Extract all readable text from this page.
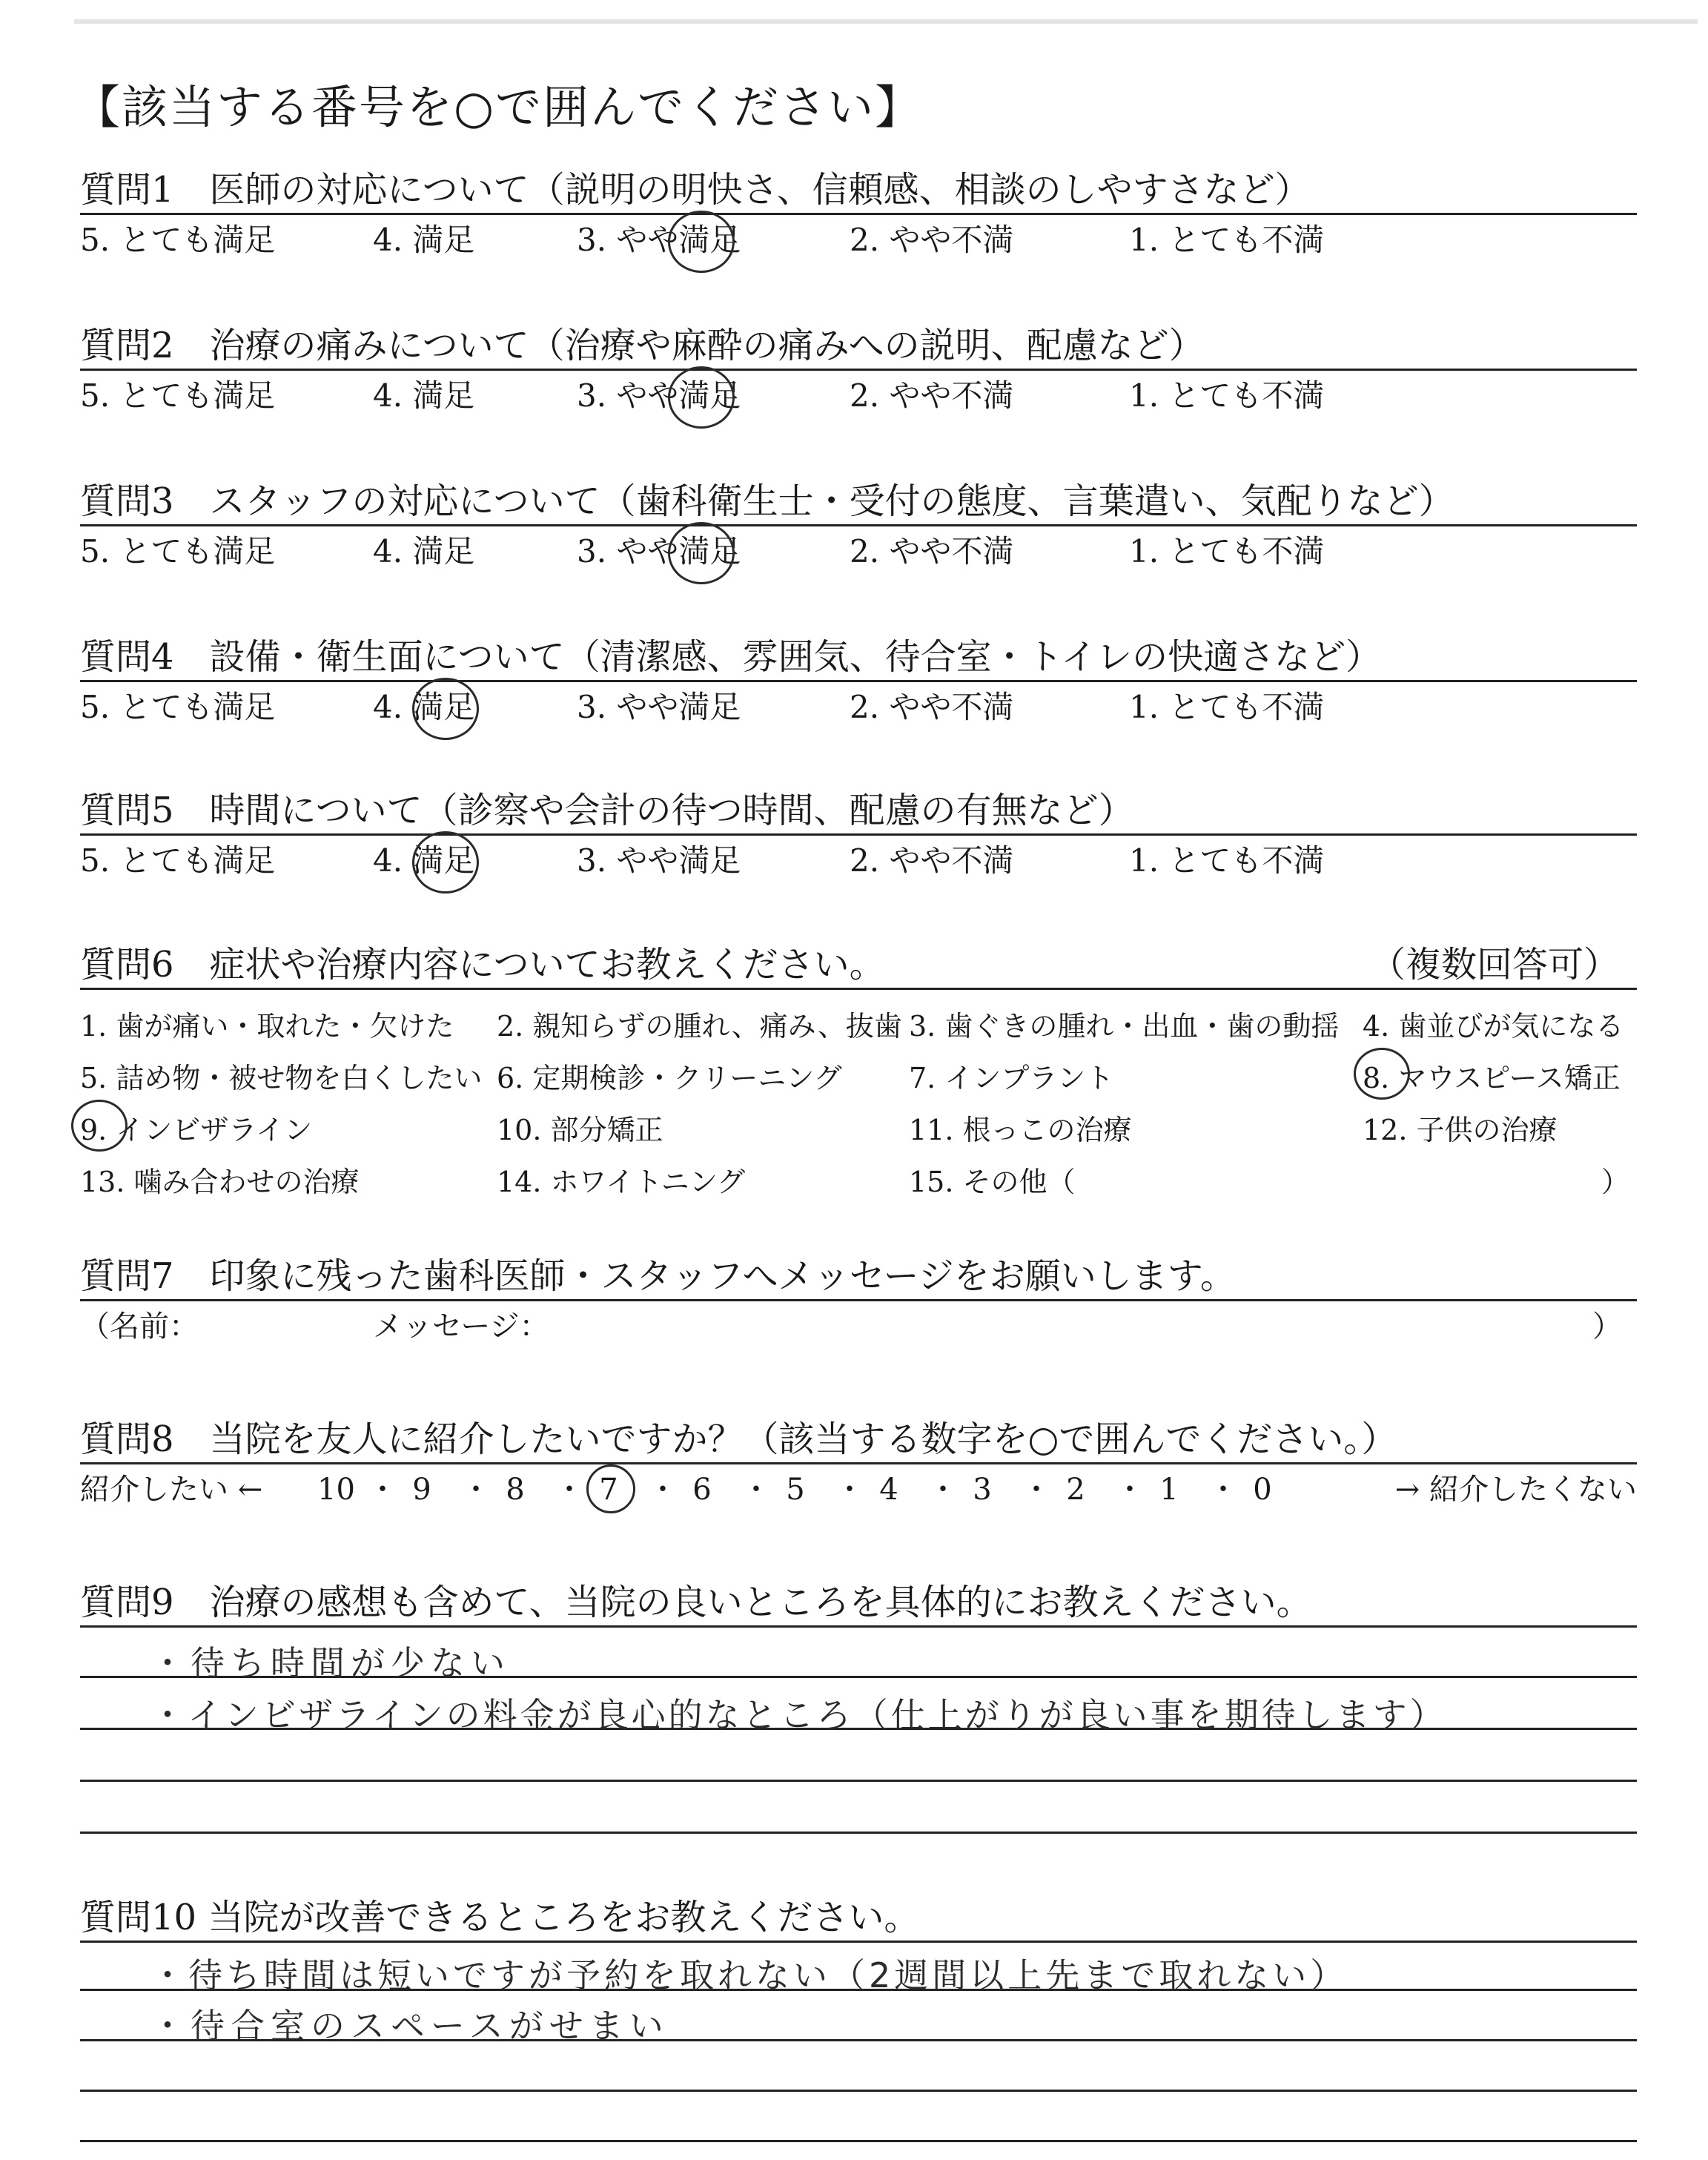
【該当する番号を○で囲んでください】
質問1　医師の対応について（説明の明快さ、信頼感、相談のしやすさなど）
5. とても満足	4. 満足	3. やや満足	2. やや不満	1. とても不満
質問2　治療の痛みについて（治療や麻酔の痛みへの説明、配慮など）
5. とても満足	4. 満足	3. やや満足	2. やや不満	1. とても不満
質問3　スタッフの対応について（歯科衛生士・受付の態度、言葉遣い、気配りなど）
5. とても満足	4. 満足	3. やや満足	2. やや不満	1. とても不満
質問4　設備・衛生面について（清潔感、雰囲気、待合室・トイレの快適さなど）
5. とても満足	4. 満足	3. やや満足	2. やや不満	1. とても不満
質問5　時間について（診察や会計の待つ時間、配慮の有無など）
5. とても満足	4. 満足	3. やや満足	2. やや不満	1. とても不満
質問6　症状や治療内容についてお教えください。	（複数回答可）
1. 歯が痛い・取れた・欠けた 2. 親知らずの腫れ、痛み、抜歯 3. 歯ぐきの腫れ・出血・歯の動揺 4. 歯並びが気になる
5. 詰め物・被せ物を白くしたい 6. 定期検診・クリーニング 7. インプラント	8. マウスピース矯正
9. インビザライン	10. 部分矯正	11. 根っこの治療	12. 子供の治療
13. 噛み合わせの治療	14. ホワイトニング	15. その他（	）
質問7　印象に残った歯科医師・スタッフへメッセージをお願いします。
（名前：	メッセージ：	）
質問8　当院を友人に紹介したいですか？（該当する数字を○で囲んでください。）
紹介したい ←	→ 紹介したくない
10 ・ 9 ・ 8 ・ 7 ・ 6 ・ 5 ・ 4 ・ 3 ・ 2 ・ 1 ・ 0
質問9　治療の感想も含めて、当院の良いところを具体的にお教えください。
・待ち時間が少ない
・インビザラインの料金が良心的なところ（仕上がりが良い事を期待します）
質問10 当院が改善できるところをお教えください。
・待ち時間は短いですが予約を取れない（2週間以上先まで取れない）
・待合室のスペースがせまい
